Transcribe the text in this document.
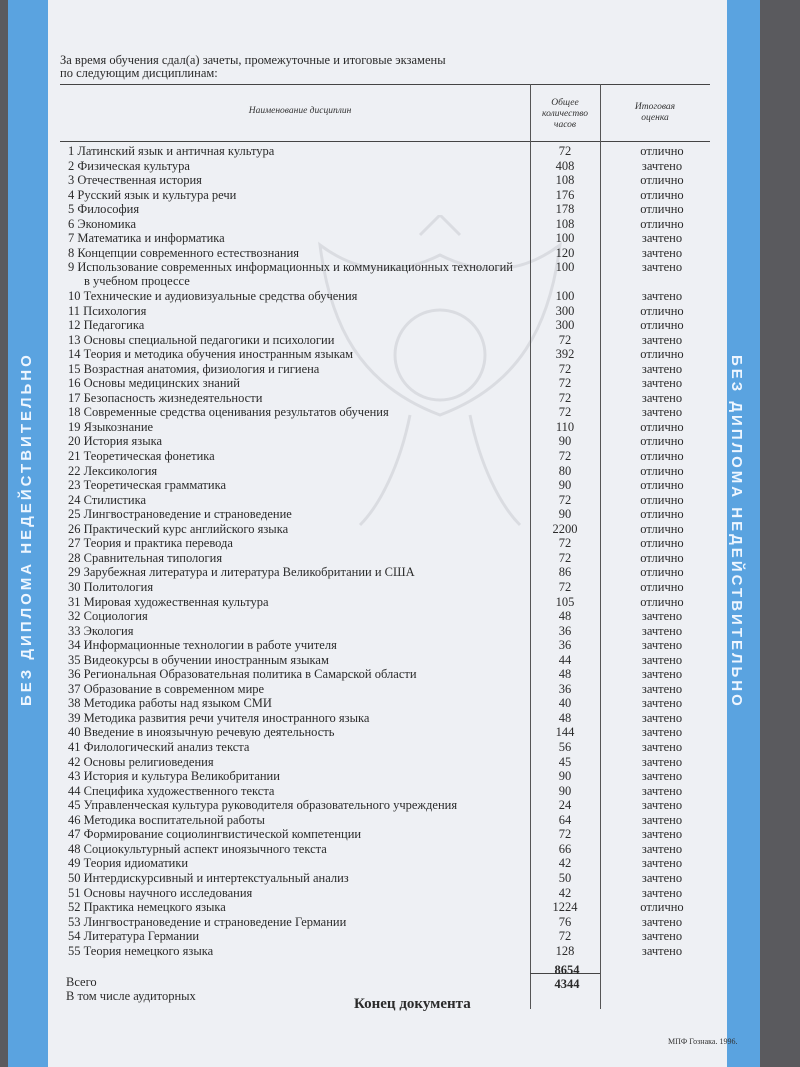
БЕЗ ДИПЛОМА НЕДЕЙСТВИТЕЛЬНО	БЕЗ ДИПЛОМА НЕДЕЙСТВИТЕЛЬНО
За время обучения сдал(а) зачеты, промежуточные и итоговые экзамены
по следующим дисциплинам:
Наименование дисциплин
Общее
количество
часов
Итоговая
оценка
1 Латинский язык и античная культура	72	отлично
2 Физическая культура	408	зачтено
3 Отечественная история	108	отлично
4 Русский язык и культура речи	176	отлично
5 Философия	178	отлично
6 Экономика	108	отлично
7 Математика и информатика	100	зачтено
8 Концепции современного естествознания	120	зачтено
9 Использование современных информационных и коммуникационных технологий
в учебном процессе
100	зачтено
10 Технические и аудиовизуальные средства обучения	100	зачтено
11 Психология	300	отлично
12 Педагогика	300	отлично
13 Основы специальной педагогики и психологии	72	зачтено
14 Теория и методика обучения иностранным языкам	392	отлично
15 Возрастная анатомия, физиология и гигиена	72	зачтено
16 Основы медицинских знаний	72	зачтено
17 Безопасность жизнедеятельности	72	зачтено
18 Современные средства оценивания результатов обучения	72	зачтено
19 Языкознание	110	отлично
20 История языка	90	отлично
21 Теоретическая фонетика	72	отлично
22 Лексикология	80	отлично
23 Теоретическая грамматика	90	отлично
24 Стилистика	72	отлично
25 Лингвострановедение и страноведение	90	отлично
26 Практический курс английского языка	2200	отлично
27 Теория и практика перевода	72	отлично
28 Сравнительная типология	72	отлично
29 Зарубежная литература и литература Великобритании и США	86	отлично
30 Политология	72	отлично
31 Мировая художественная культура	105	отлично
32 Социология	48	зачтено
33 Экология	36	зачтено
34 Информационные технологии в работе учителя	36	зачтено
35 Видеокурсы в обучении иностранным языкам	44	зачтено
36 Региональная Образовательная политика в Самарской области	48	зачтено
37 Образование в современном мире	36	зачтено
38 Методика работы над языком СМИ	40	зачтено
39 Методика развития речи учителя иностранного языка	48	зачтено
40 Введение в иноязычную речевую деятельность	144	зачтено
41 Филологический анализ текста	56	зачтено
42 Основы религиоведения	45	зачтено
43 История и культура Великобритании	90	зачтено
44 Специфика художественного текста	90	зачтено
45 Управленческая культура руководителя образовательного учреждения	24	зачтено
46 Методика воспитательной работы	64	зачтено
47 Формирование социолингвистической компетенции	72	зачтено
48 Социокультурный аспект иноязычного текста	66	зачтено
49 Теория идиоматики	42	зачтено
50 Интердискурсивный и интертекстуальный анализ	50	зачтено
51 Основы научного исследования	42	зачтено
52 Практика немецкого языка	1224	отлично
53 Лингвострановедение и страноведение Германии	76	зачтено
54 Литература Германии	72	зачтено
55 Теория немецкого языка	128	зачтено
Всего
8654
В том числе аудиторных
4344
Конец документа
МПФ Гознака. 1996.
